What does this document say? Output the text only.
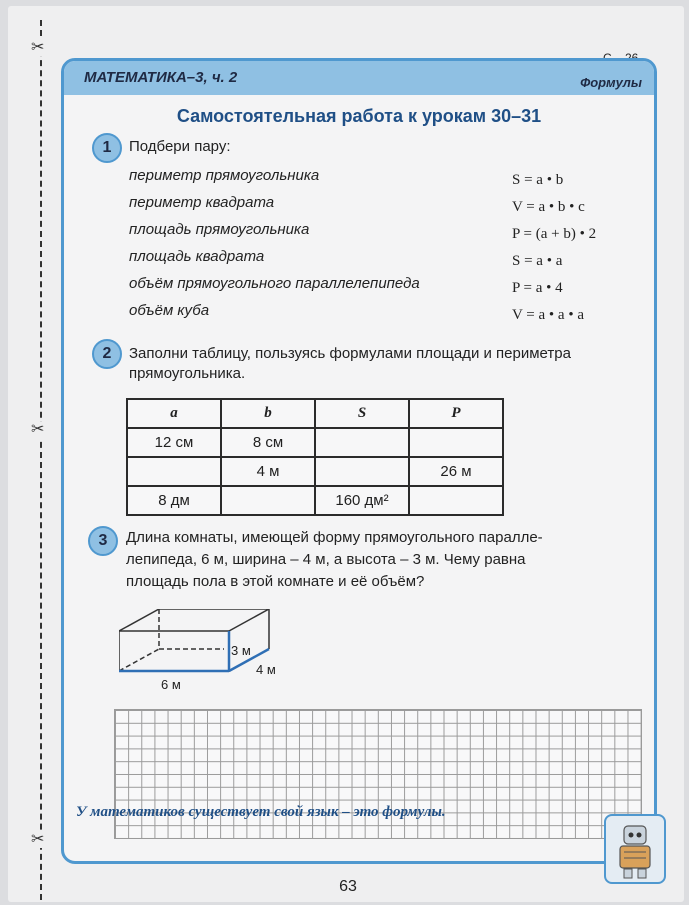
✂
✂
✂
МАТЕМАТИКА–3, ч. 2	Формулы
Самостоятельная работа к урокам 30–31
1	Подбери пару:
периметр прямоугольника
периметр квадрата
площадь прямоугольника
площадь квадрата
объём прямоугольного параллелепипеда
объём куба
S = a • b
V = a • b • c
P = (a + b) • 2
S = a • a
P = a • 4
V = a • a • a
2	Заполни таблицу, пользуясь формулами площади и периметра
прямоугольника.
a	b	S	P
12 см	8 см		
	4 м		26 м
8 дм		160 дм²	
3	Длина комнаты, имеющей форму прямоугольного паралле-
лепипеда, 6 м, ширина – 4 м, а высота – 3 м. Чему равна
площадь пола в этой комнате и её объём?
3 м
4 м
6 м
У математиков существует свой язык – это формулы.
63
